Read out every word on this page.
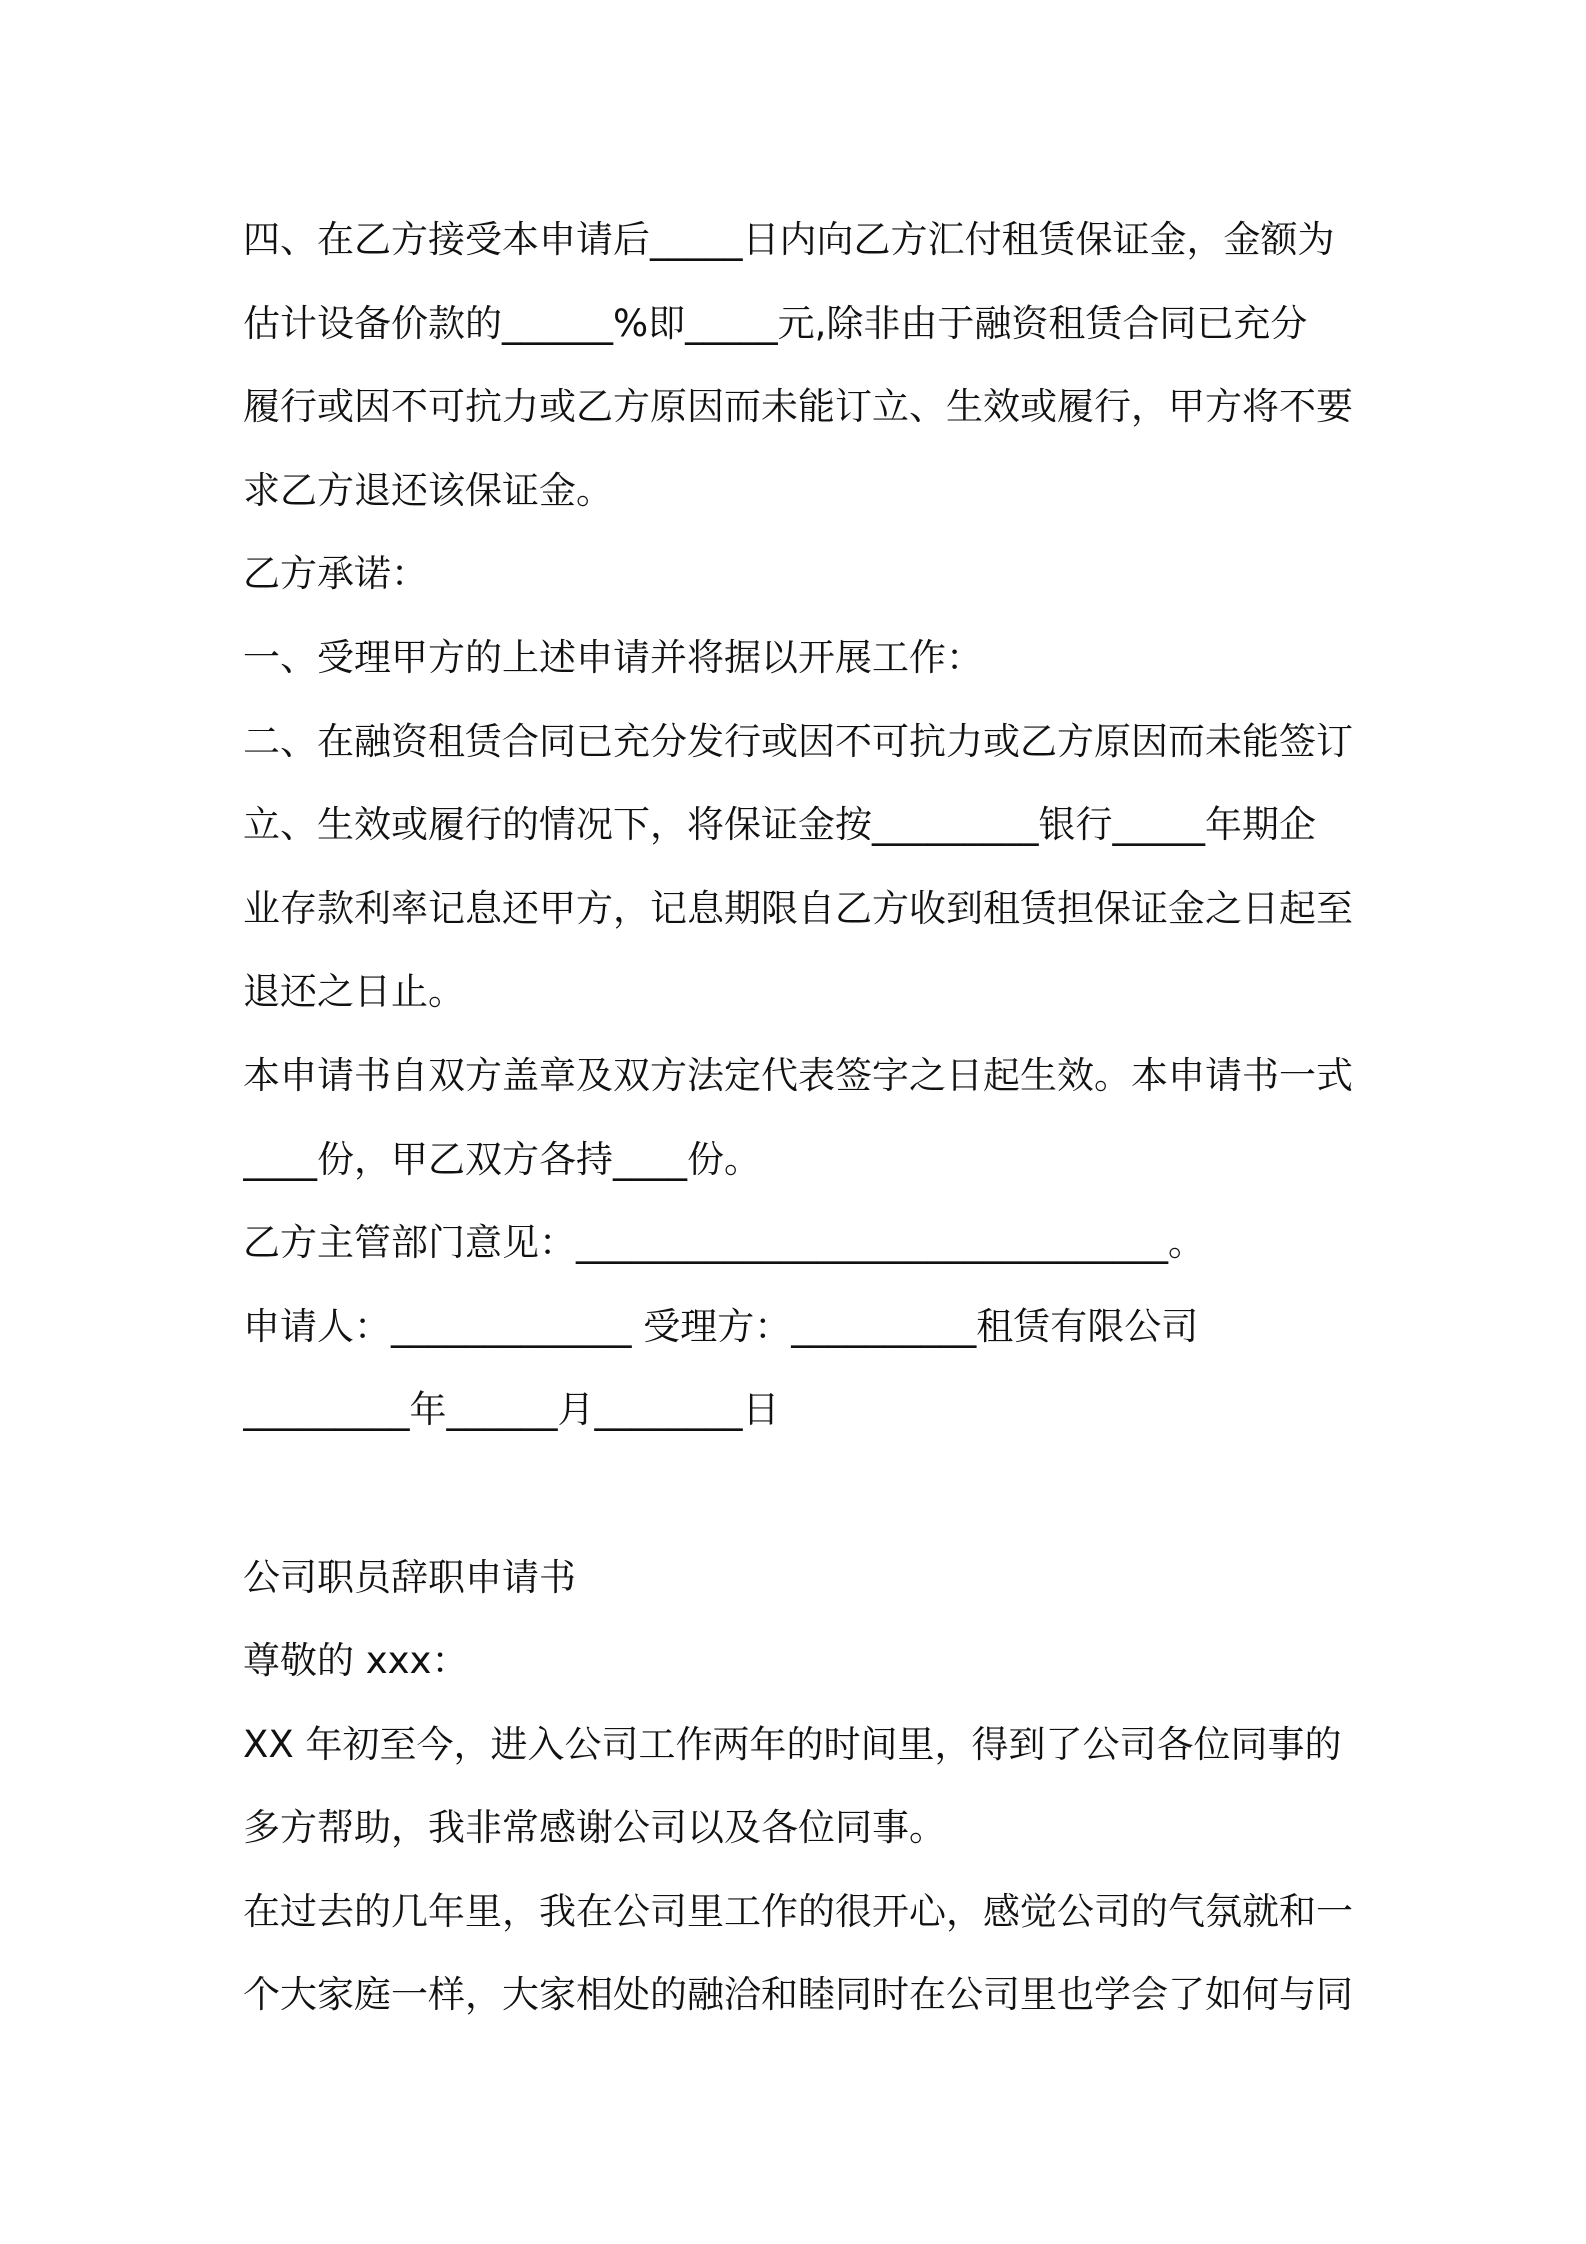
四、在乙方接受本申请后_____日内向乙方汇付租赁保证金，金额为
估计设备价款的______%即_____元,除非由于融资租赁合同已充分
履行或因不可抗力或乙方原因而未能订立、生效或履行，甲方将不要
求乙方退还该保证金。
乙方承诺：
一、受理甲方的上述申请并将据以开展工作：
二、在融资租赁合同已充分发行或因不可抗力或乙方原因而未能签订
立、生效或履行的情况下，将保证金按_________银行_____年期企
业存款利率记息还甲方，记息期限自乙方收到租赁担保证金之日起至
退还之日止。
本申请书自双方盖章及双方法定代表签字之日起生效。本申请书一式
____份，甲乙双方各持____份。
乙方主管部门意见：________________________________。
申请人：_____________ 受理方：__________租赁有限公司
_________年______月________日
公司职员辞职申请书
尊敬的 xxx：
XX 年初至今，进入公司工作两年的时间里，得到了公司各位同事的
多方帮助，我非常感谢公司以及各位同事。
在过去的几年里，我在公司里工作的很开心，感觉公司的气氛就和一
个大家庭一样，大家相处的融洽和睦同时在公司里也学会了如何与同
